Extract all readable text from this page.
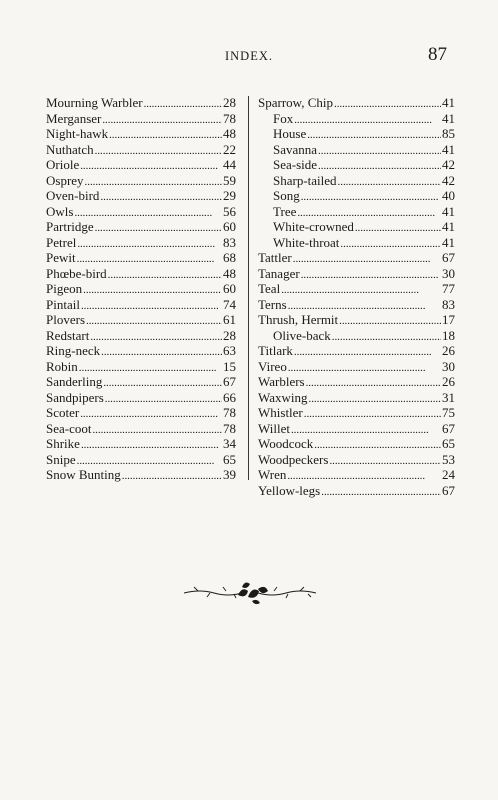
INDEX.	87
Mourning Warbler . . .	28
Merganser . . .	78
Night-hawk . . .	48
Nuthatch . . .	22
Oriole . . .	44
Osprey . . .	59
Oven-bird . . .	29
Owls . . .	56
Partridge . . .	60
Petrel . . .	83
Pewit . . .	68
Phœbe-bird . . .	48
Pigeon . . .	60
Pintail . . .	74
Plovers . . .	61
Redstart . . .	28
Ring-neck . . .	63
Robin . . .	15
Sanderling . . .	67
Sandpipers . . .	66
Scoter . . .	78
Sea-coot . . .	78
Shrike . . .	34
Snipe . . .	65
Snow Bunting . . .	39
Sparrow, Chip . . .	41
Fox . . .	41
House . . .	85
Savanna . . .	41
Sea-side . . .	42
Sharp-tailed . . .	42
Song . . .	40
Tree . . .	41
White-crowned . . .	41
White-throat . . .	41
Tattler . . .	67
Tanager . . .	30
Teal . . .	77
Terns . . .	83
Thrush, Hermit . . .	17
Olive-back . . .	18
Titlark . . .	26
Vireo . . .	30
Warblers . . .	26
Waxwing . . .	31
Whistler . . .	75
Willet . . .	67
Woodcock . . .	65
Woodpeckers . . .	53
Wren . . .	24
Yellow-legs . . .	67
